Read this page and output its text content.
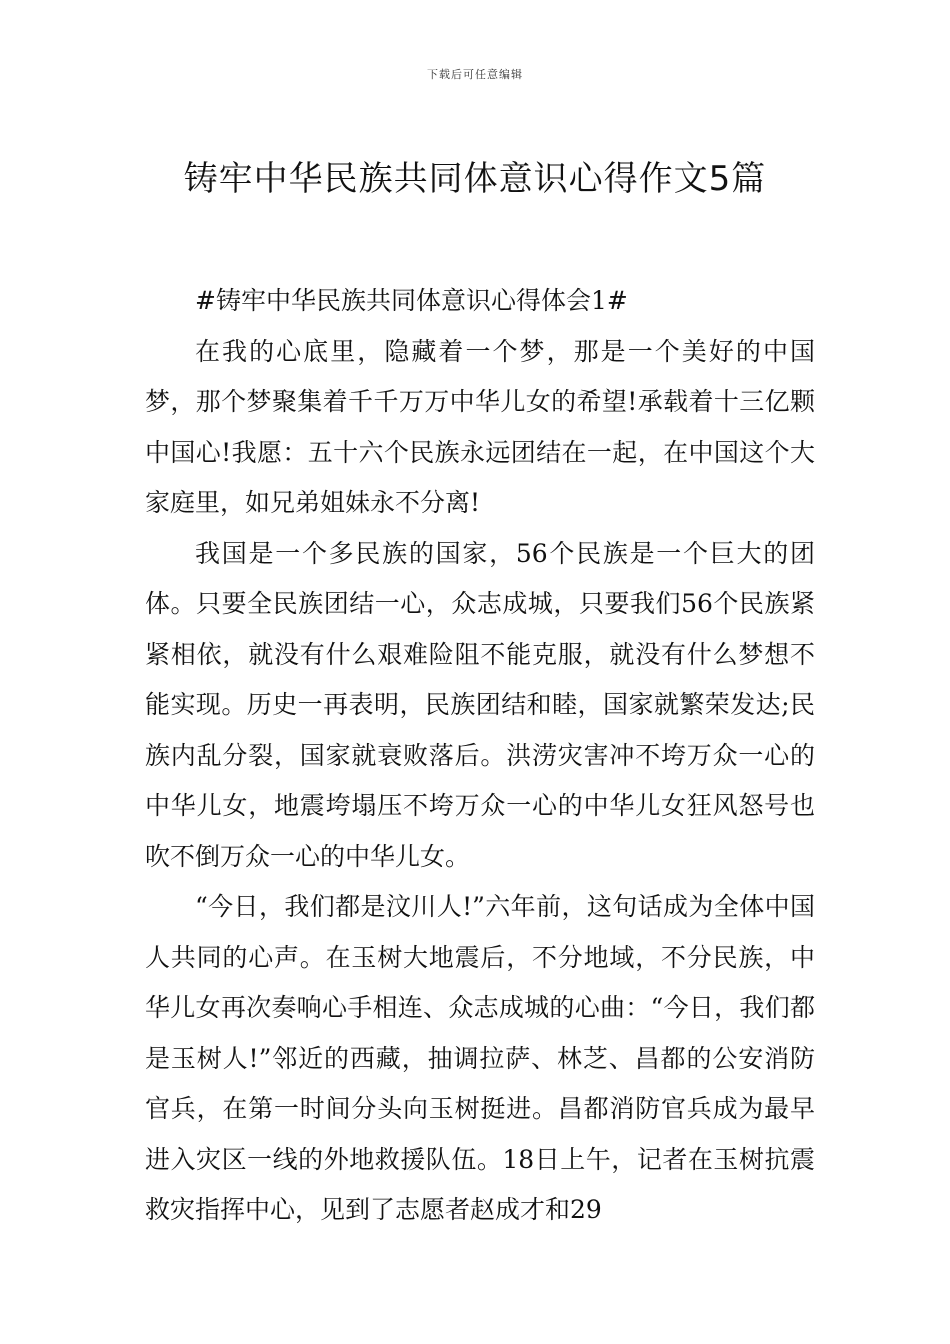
下载后可任意编辑
铸牢中华民族共同体意识心得作文5篇

#铸牢中华民族共同体意识心得体会1#

在我的心底里，隐藏着一个梦，那是一个美好的中国梦，那个梦聚集着千千万万中华儿女的希望!承载着十三亿颗中国心!我愿：五十六个民族永远团结在一起，在中国这个大家庭里，如兄弟姐妹永不分离!

我国是一个多民族的国家，56个民族是一个巨大的团体。只要全民族团结一心，众志成城，只要我们56个民族紧紧相依，就没有什么艰难险阻不能克服，就没有什么梦想不能实现。历史一再表明，民族团结和睦，国家就繁荣发达;民族内乱分裂，国家就衰败落后。洪涝灾害冲不垮万众一心的中华儿女，地震垮塌压不垮万众一心的中华儿女狂风怒号也吹不倒万众一心的中华儿女。

“今日，我们都是汶川人!”六年前，这句话成为全体中国人共同的心声。在玉树大地震后，不分地域，不分民族，中华儿女再次奏响心手相连、众志成城的心曲：“今日，我们都是玉树人!”邻近的西藏，抽调拉萨、林芝、昌都的公安消防官兵，在第一时间分头向玉树挺进。昌都消防官兵成为最早进入灾区一线的外地救援队伍。18日上午，记者在玉树抗震救灾指挥中心，见到了志愿者赵成才和29
